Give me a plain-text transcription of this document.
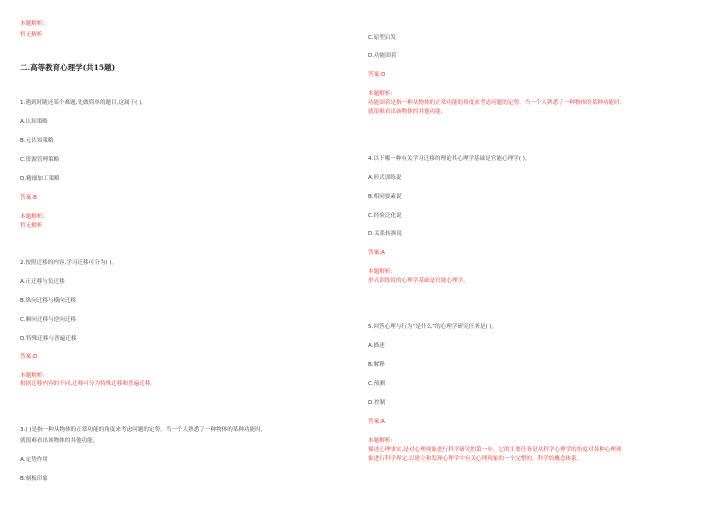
本题解析:
暂无解析
二.高等教育心理学(共15题)
1.遇到时随还某个难题,先做简单的题目,这属于( )。
A.认知策略
B.元认知策略
C.资源管理策略
D.精细加工策略
答案:B
本题解析:
暂无解析
2.按照迁移的内容,学习迁移可分为( )。
A.正迁移与负迁移
B.纵向迁移与横向迁移
C.顺向迁移与逆向迁移
D.特殊迁移与普遍迁移
答案:D
本题解析:
根据迁移内容的不同,迁移可分为特殊迁移和普遍迁移。
3.( )是指一种从物体的正常功能的角度来考虑问题的定势。当一个人熟悉了一种物体的某种功能时,
就很难看出该物体的其他功能。
A.定势作用
B.刻板印象
C.原型启发
D.功能固着
答案:D
本题解析:
功能固着是指一种从物体的正常功能的角度来考虑问题的定势。当一个人熟悉了一种物体的某种功能时,
就很难看出该物体的其他功能。
4.以下哪一种有关学习迁移的理论其心理学基础是官能心理学( )。
A.形式训练说
B.相同要素说
C.经验泛化说
D.关系转换说
答案:A
本题解析:
形式训练说的心理学基础是官能心理学。
5.回答心理与行为“是什么”的心理学研究任务是( )。
A.描述
B.解释
C.预测
D.控制
答案:A
本题解析:
描述心理事实,是对心理现象进行科学研究的第一步。它的主要任务是从科学心理学的角度对各种心理现
象进行科学界定,以建立和发现心理学中有关心理现象的一个完整的、科学的概念体系。
